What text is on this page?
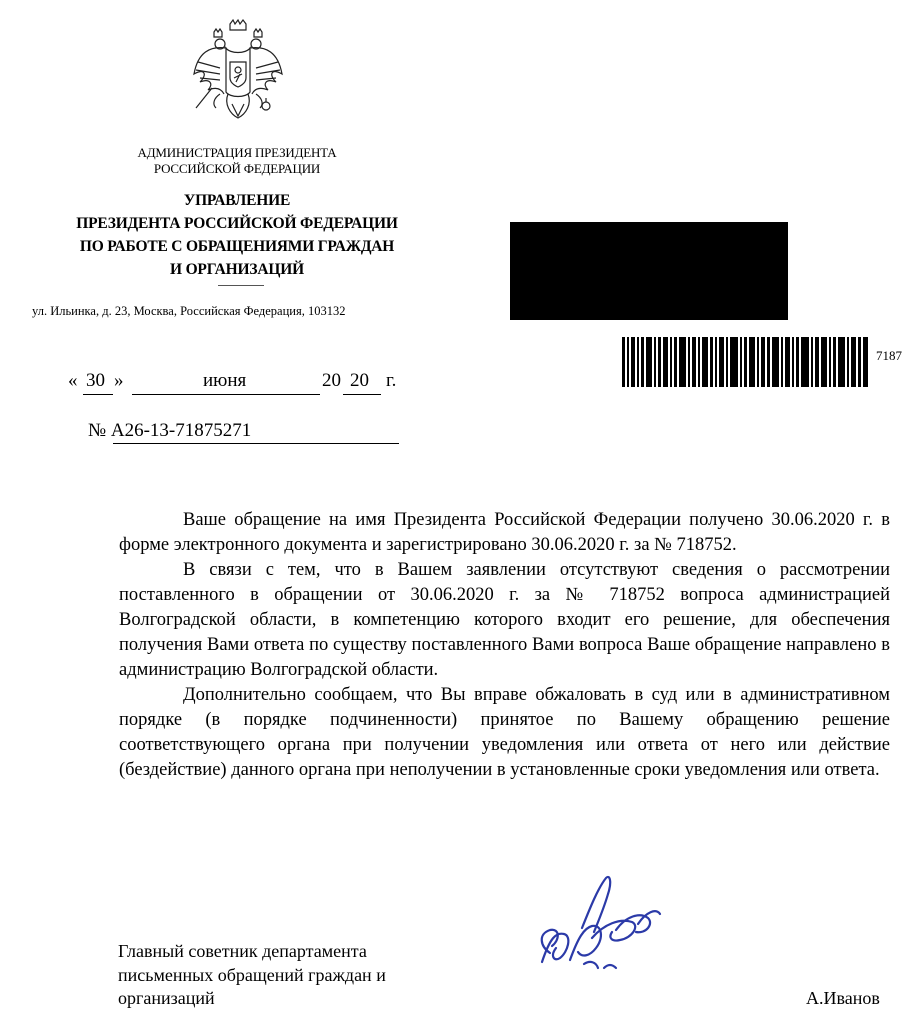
АДМИНИСТРАЦИЯ ПРЕЗИДЕНТА
РОССИЙСКОЙ ФЕДЕРАЦИИ
УПРАВЛЕНИЕ
ПРЕЗИДЕНТА РОССИЙСКОЙ ФЕДЕРАЦИИ
ПО РАБОТЕ С ОБРАЩЕНИЯМИ ГРАЖДАН
И ОРГАНИЗАЦИЙ
ул. Ильинка, д. 23, Москва, Российская Федерация, 103132
7187
« 30 »	июня	20 20 г.
№ А26-13-71875271

Ваше обращение на имя Президента Российской Федерации получено 30.06.2020 г. в форме электронного документа и зарегистрировано 30.06.2020 г. за № 718752.

В связи с тем, что в Вашем заявлении отсутствуют сведения о рассмотрении поставленного в обращении от 30.06.2020 г. за № 718752 вопроса администрацией Волгоградской области, в компетенцию которого входит его решение, для обеспечения получения Вами ответа по существу поставленного Вами вопроса Ваше обращение направлено в администрацию Волгоградской области.

Дополнительно сообщаем, что Вы вправе обжаловать в суд или в административном порядке (в порядке подчиненности) принятое по Вашему обращению решение соответствующего органа при получении уведомления или ответа от него или действие (бездействие) данного органа при неполучении в установленные сроки уведомления или ответа.

Главный советник департамента
письменных обращений граждан и
организаций	А.Иванов
